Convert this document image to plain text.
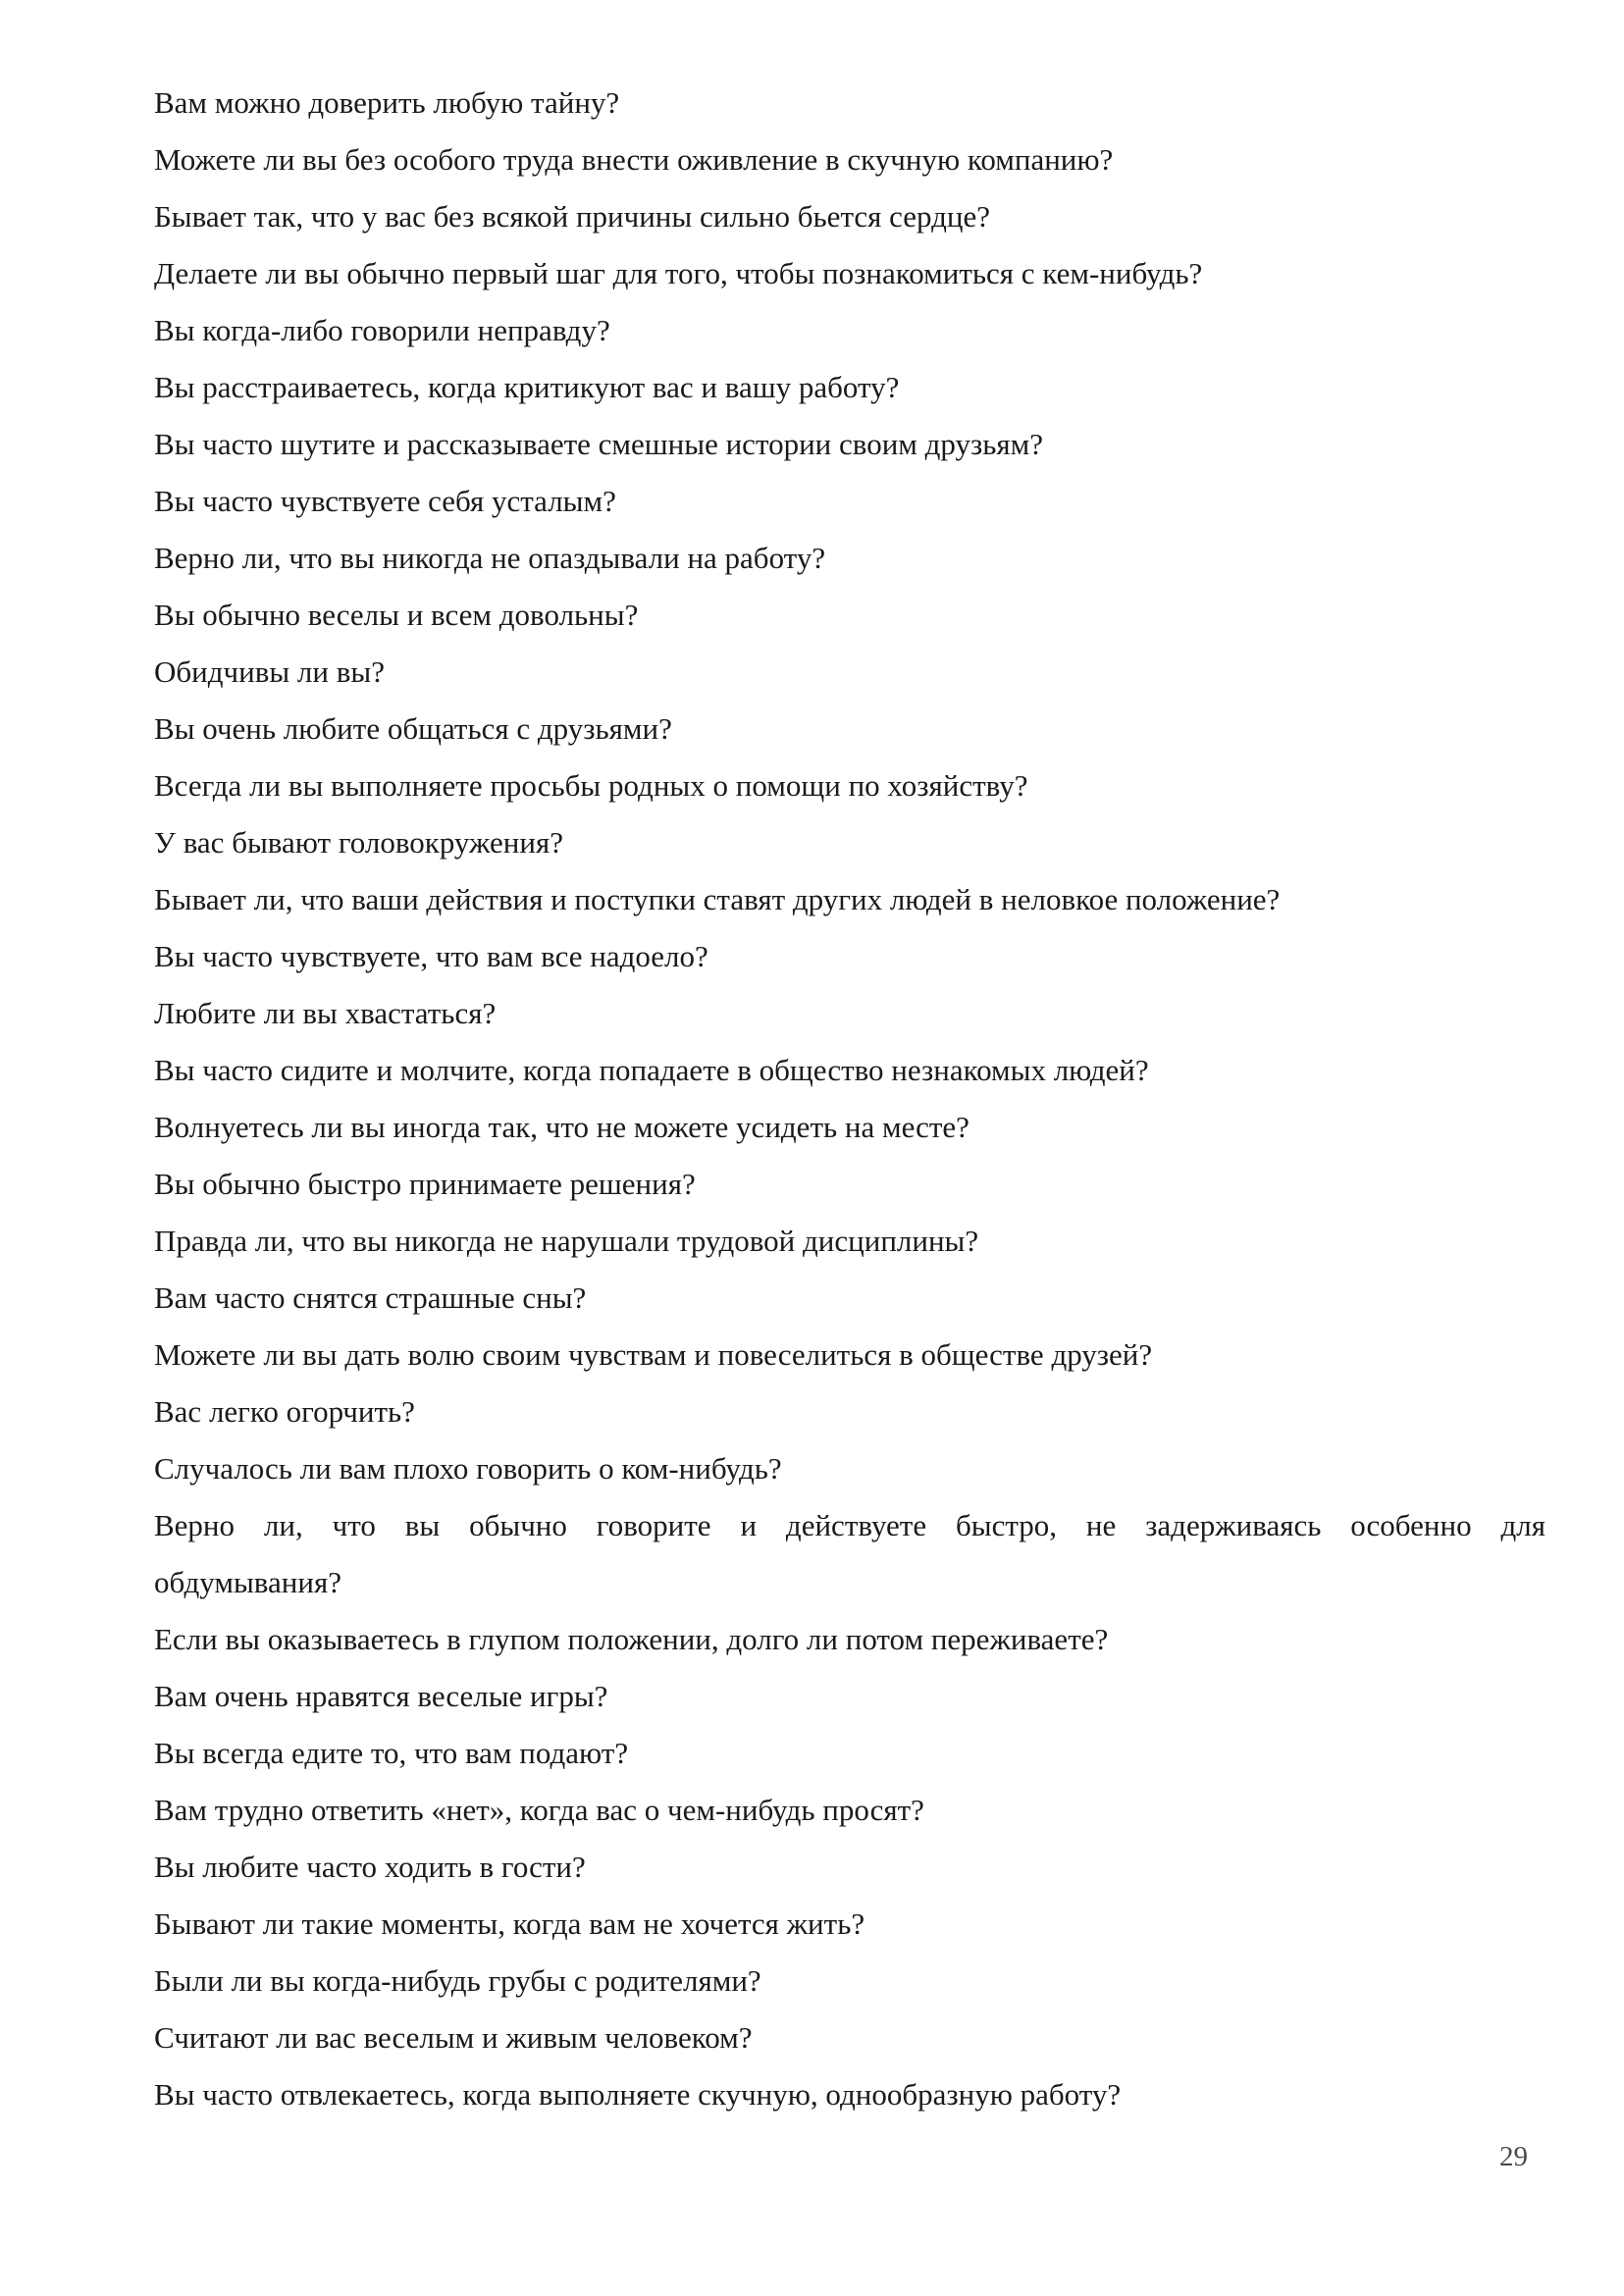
Вам можно доверить любую тайну?
Можете ли вы без особого труда внести оживление в скучную компанию?
Бывает так, что у вас без всякой причины сильно бьется сердце?
Делаете ли вы обычно первый шаг для того, чтобы познакомиться с кем-нибудь?
Вы когда-либо говорили неправду?
Вы расстраиваетесь, когда критикуют вас и вашу работу?
Вы часто шутите и рассказываете смешные истории своим друзьям?
Вы часто чувствуете себя усталым?
Верно ли, что вы никогда не опаздывали на работу?
Вы обычно веселы и всем довольны?
Обидчивы ли вы?
Вы очень любите общаться с друзьями?
Всегда ли вы выполняете просьбы родных о помощи по хозяйству?
У вас бывают головокружения?
Бывает ли, что ваши действия и поступки ставят других людей в неловкое положение?
Вы часто чувствуете, что вам все надоело?
Любите ли вы хвастаться?
Вы часто сидите и молчите, когда попадаете в общество незнакомых людей?
Волнуетесь ли вы иногда так, что не можете усидеть на месте?
Вы обычно быстро принимаете решения?
Правда ли, что вы никогда не нарушали трудовой дисциплины?
Вам часто снятся страшные сны?
Можете ли вы дать волю своим чувствам и повеселиться в обществе друзей?
Вас легко огорчить?
Случалось ли вам плохо говорить о ком-нибудь?
Верно ли, что вы обычно говорите и действуете быстро, не задерживаясь особенно для
обдумывания?
Если вы оказываетесь в глупом положении, долго ли потом переживаете?
Вам очень нравятся веселые игры?
Вы всегда едите то, что вам подают?
Вам трудно ответить «нет», когда вас о чем-нибудь просят?
Вы любите часто ходить в гости?
Бывают ли такие моменты, когда вам не хочется жить?
Были ли вы когда-нибудь грубы с родителями?
Считают ли вас веселым и живым человеком?
Вы часто отвлекаетесь, когда выполняете скучную, однообразную работу?
29
